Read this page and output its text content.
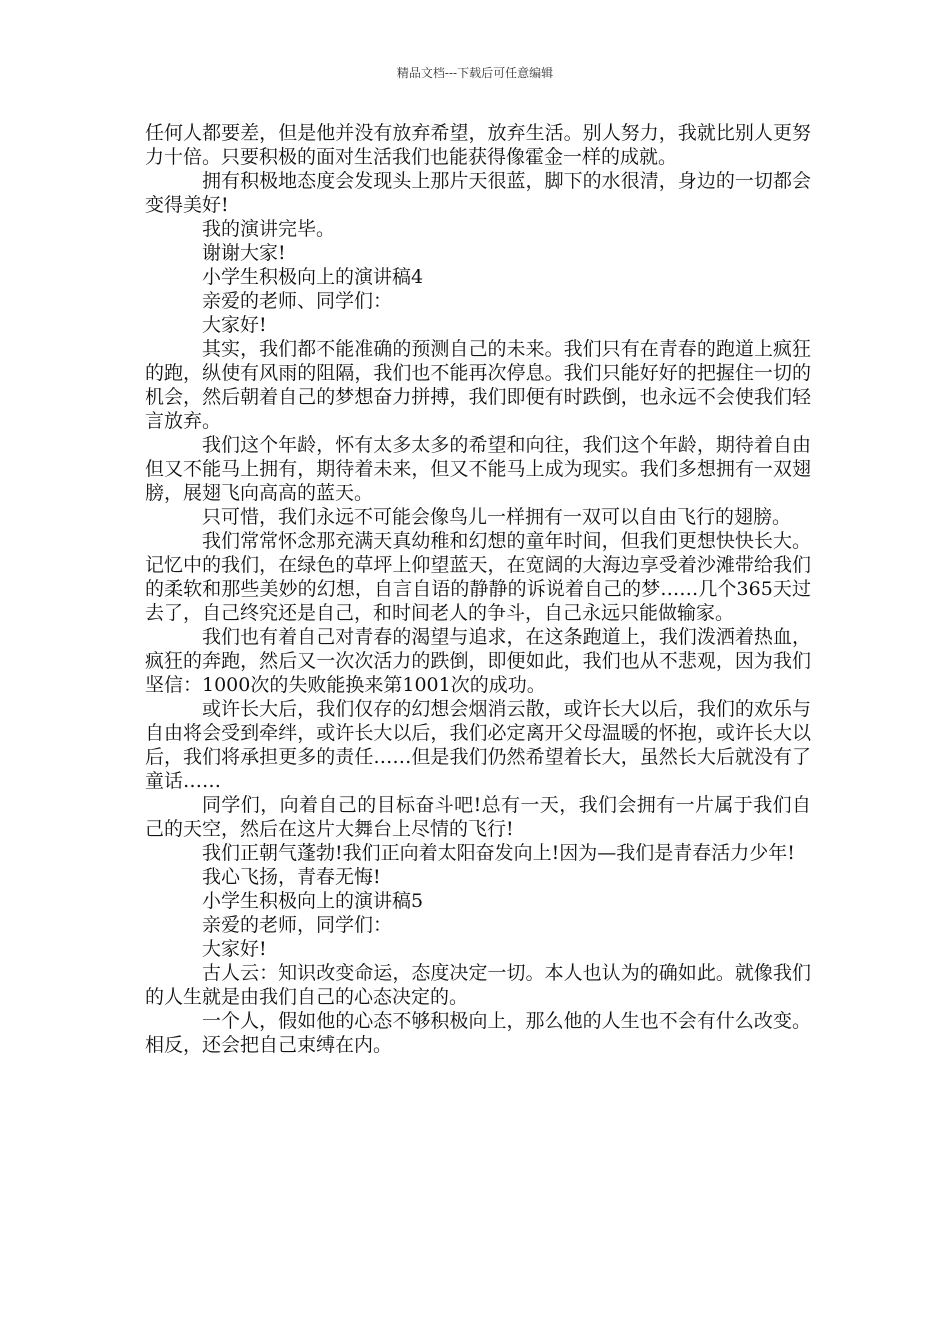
精品文档---下载后可任意编辑

任何人都要差，但是他并没有放弃希望，放弃生活。别人努力，我就比别人更努力十倍。只要积极的面对生活我们也能获得像霍金一样的成就。

拥有积极地态度会发现头上那片天很蓝，脚下的水很清，身边的一切都会变得美好!

我的演讲完毕。

谢谢大家!

小学生积极向上的演讲稿4

亲爱的老师、同学们：

大家好!

其实，我们都不能准确的预测自己的未来。我们只有在青春的跑道上疯狂的跑，纵使有风雨的阻隔，我们也不能再次停息。我们只能好好的把握住一切的机会，然后朝着自己的梦想奋力拼搏，我们即便有时跌倒，也永远不会使我们轻言放弃。

我们这个年龄，怀有太多太多的希望和向往，我们这个年龄，期待着自由但又不能马上拥有，期待着未来，但又不能马上成为现实。我们多想拥有一双翅膀，展翅飞向高高的蓝天。

只可惜，我们永远不可能会像鸟儿一样拥有一双可以自由飞行的翅膀。

我们常常怀念那充满天真幼稚和幻想的童年时间，但我们更想快快长大。记忆中的我们，在绿色的草坪上仰望蓝天，在宽阔的大海边享受着沙滩带给我们的柔软和那些美妙的幻想，自言自语的静静的诉说着自己的梦……几个365天过去了，自己终究还是自己，和时间老人的争斗，自己永远只能做输家。

我们也有着自己对青春的渴望与追求，在这条跑道上，我们泼洒着热血，疯狂的奔跑，然后又一次次活力的跌倒，即便如此，我们也从不悲观，因为我们坚信：1000次的失败能换来第1001次的成功。

或许长大后，我们仅存的幻想会烟消云散，或许长大以后，我们的欢乐与自由将会受到牵绊，或许长大以后，我们必定离开父母温暖的怀抱，或许长大以后，我们将承担更多的责任……但是我们仍然希望着长大，虽然长大后就没有了童话……

同学们，向着自己的目标奋斗吧!总有一天，我们会拥有一片属于我们自己的天空，然后在这片大舞台上尽情的飞行!

我们正朝气蓬勃!我们正向着太阳奋发向上!因为—我们是青春活力少年!

我心飞扬，青春无悔!

小学生积极向上的演讲稿5

亲爱的老师，同学们：

大家好!

古人云：知识改变命运，态度决定一切。本人也认为的确如此。就像我们的人生就是由我们自己的心态决定的。

一个人，假如他的心态不够积极向上，那么他的人生也不会有什么改变。相反，还会把自己束缚在内。
